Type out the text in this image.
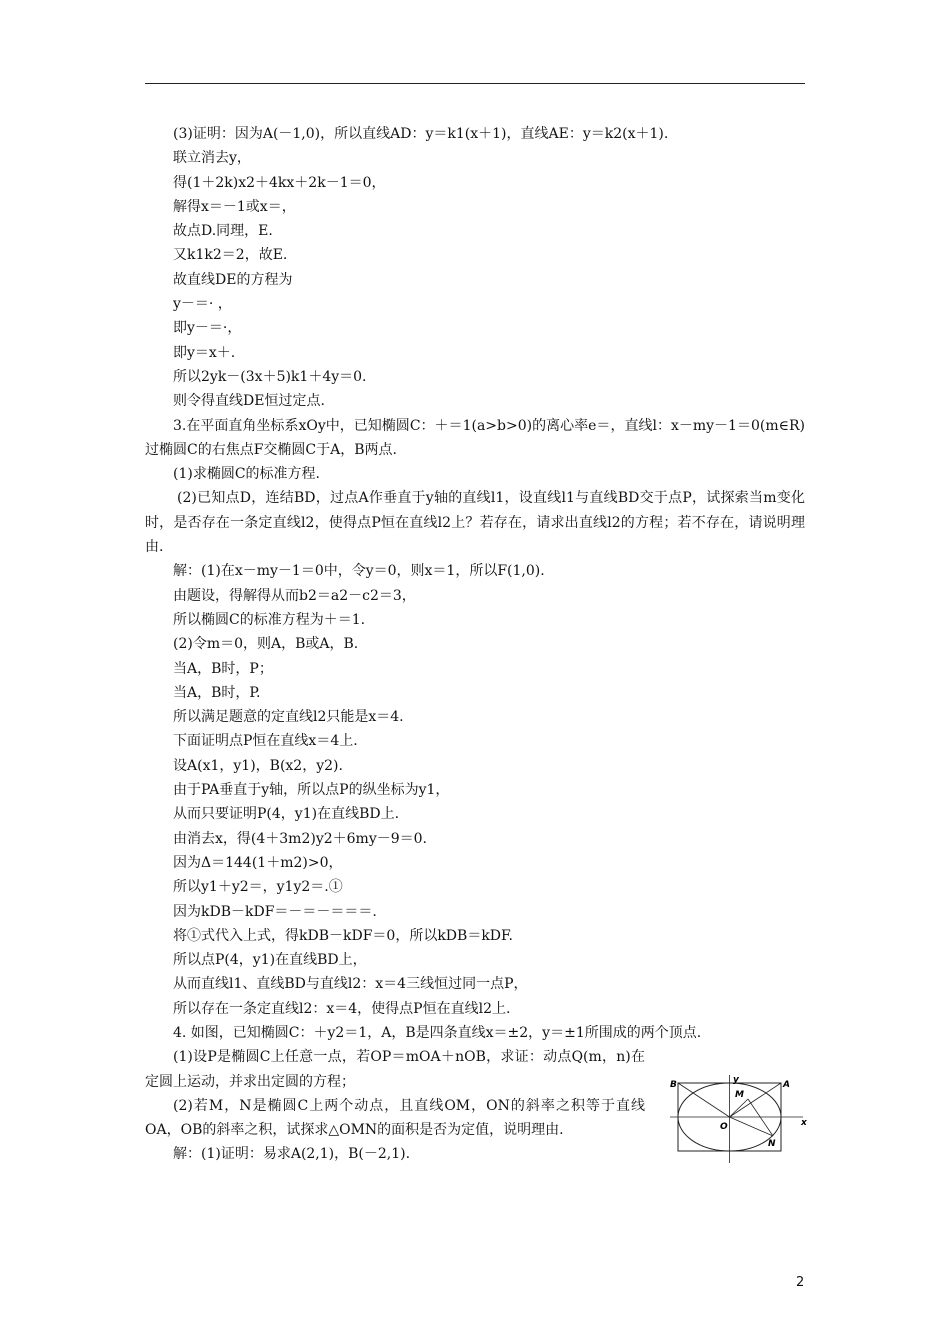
(3)证明：因为A(－1,0)，所以直线AD：y＝k1(x＋1)，直线AE：y＝k2(x＋1).
联立消去y，
得(1＋2k)x2＋4kx＋2k－1＝0，
解得x＝－1或x＝，
故点D.同理，E.
又k1k2＝2，故E.
故直线DE的方程为
y－＝· ，
即y－＝·，
即y＝x＋.
所以2yk－(3x＋5)k1＋4y＝0.
则令得直线DE恒过定点.
3.在平面直角坐标系xOy中，已知椭圆C：＋＝1(a>b>0)的离心率e＝，直线l：x－my－1＝0(m∈R)过椭圆C的右焦点F交椭圆C于A，B两点.
(1)求椭圆C的标准方程.
(2)已知点D，连结BD，过点A作垂直于y轴的直线l1，设直线l1与直线BD交于点P，试探索当m变化时，是否存在一条定直线l2，使得点P恒在直线l2上？若存在，请求出直线l2的方程；若不存在，请说明理由.
解：(1)在x－my－1＝0中，令y＝0，则x＝1，所以F(1,0).
由题设，得解得从而b2＝a2－c2＝3，
所以椭圆C的标准方程为＋＝1.
(2)令m＝0，则A，B或A，B.
当A，B时，P；
当A，B时，P.
所以满足题意的定直线l2只能是x＝4.
下面证明点P恒在直线x＝4上.
设A(x1，y1)，B(x2，y2).
由于PA垂直于y轴，所以点P的纵坐标为y1，
从而只要证明P(4，y1)在直线BD上.
由消去x，得(4＋3m2)y2＋6my－9＝0.
因为Δ＝144(1＋m2)>0，
所以y1＋y2＝，y1y2＝.①
因为kDB－kDF＝－＝－＝＝＝.
将①式代入上式，得kDB－kDF＝0，所以kDB＝kDF.
所以点P(4，y1)在直线BD上，
从而直线l1、直线BD与直线l2：x＝4三线恒过同一点P，
所以存在一条定直线l2：x＝4，使得点P恒在直线l2上.
4. 如图，已知椭圆C：＋y2＝1，A，B是四条直线x＝±2，y＝±1所围成的两个顶点.
(1)设P是椭圆C上任意一点，若OP＝mOA＋nOB，求证：动点Q(m，n)在定圆上运动，并求出定圆的方程；
(2)若M，N是椭圆C上两个动点，且直线OM，ON的斜率之积等于直线OA，OB的斜率之积，试探求△OMN的面积是否为定值，说明理由.
解：(1)证明：易求A(2,1)，B(－2,1).
B	A
M
N
O	x
y
2
